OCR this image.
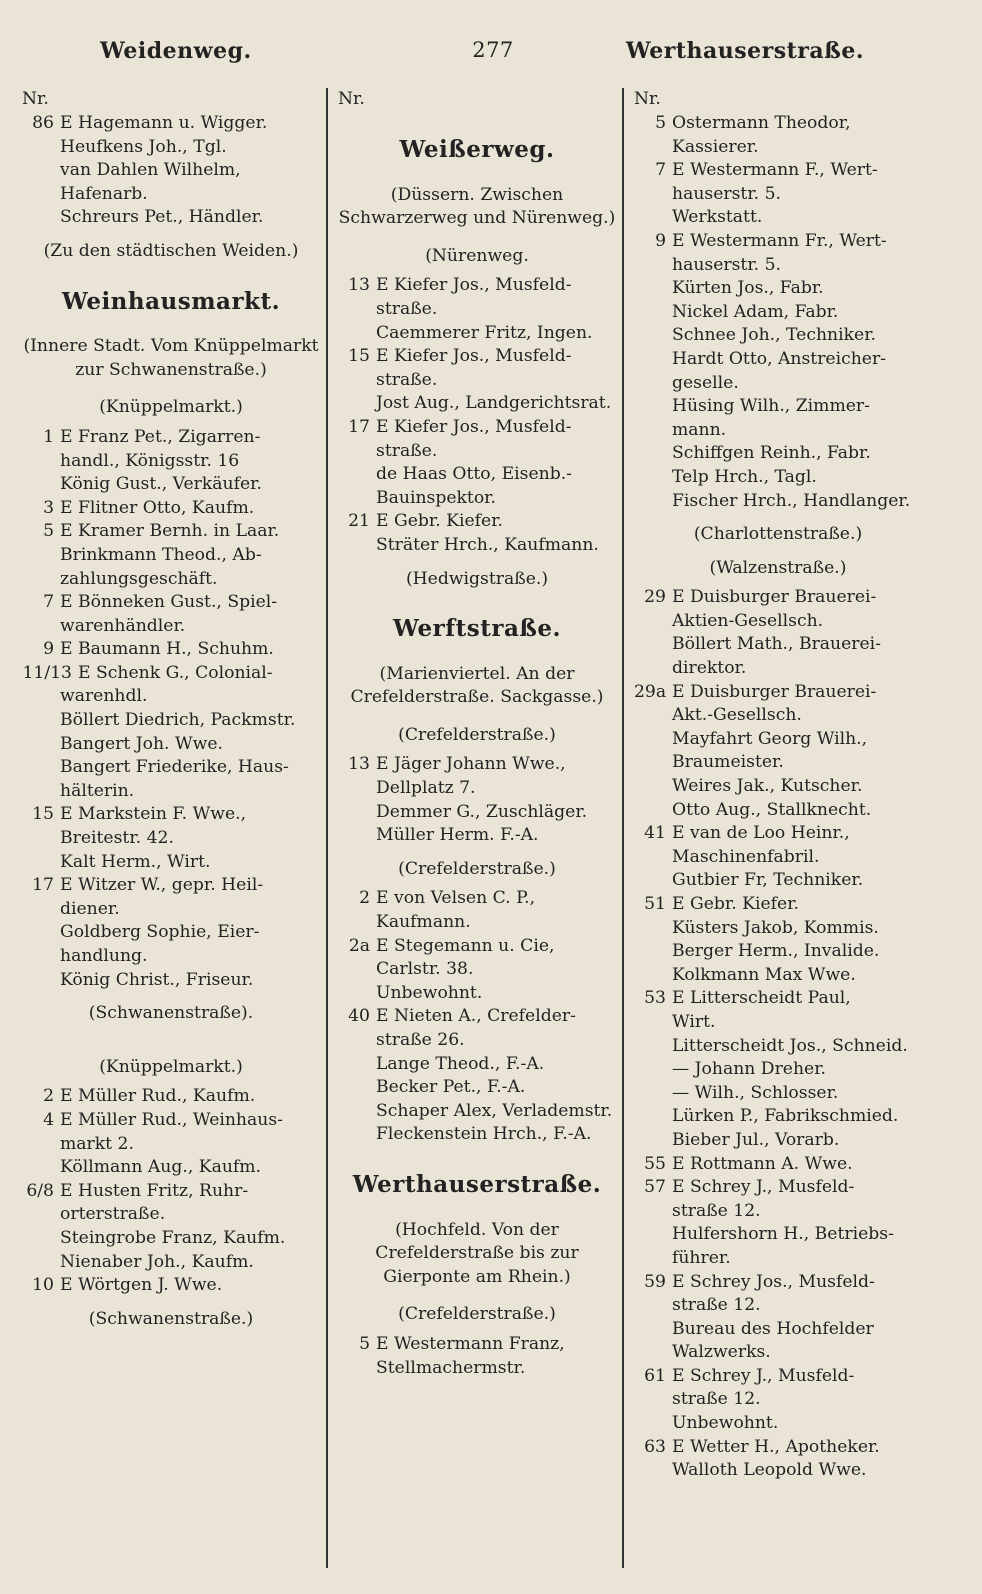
Weidenweg.	277	Werthauserstraße.
Nr.
86 E Hagemann u. Wigger.
Heufkens Joh., Tgl.
van Dahlen Wilhelm,
Hafenarb.
Schreurs Pet., Händler.
(Zu den städtischen Weiden.)
Weinhausmarkt.
(Innere Stadt. Vom Knüppelmarkt zur Schwanenstraße.)
(Knüppelmarkt.)
1 E Franz Pet., Zigarren-
handl., Königsstr. 16
König Gust., Verkäufer.
3 E Flitner Otto, Kaufm.
5 E Kramer Bernh. in Laar.
Brinkmann Theod., Ab-
zahlungsgeschäft.
7 E Bönneken Gust., Spiel-
warenhändler.
9 E Baumann H., Schuhm.
11/13 E Schenk G., Colonial-
warenhdl.
Böllert Diedrich, Packmstr.
Bangert Joh. Wwe.
Bangert Friederike, Haus-
hälterin.
15 E Markstein F. Wwe.,
Breitestr. 42.
Kalt Herm., Wirt.
17 E Witzer W., gepr. Heil-
diener.
Goldberg Sophie, Eier-
handlung.
König Christ., Friseur.
(Schwanenstraße).
(Knüppelmarkt.)
2 E Müller Rud., Kaufm.
4 E Müller Rud., Weinhaus-
markt 2.
Köllmann Aug., Kaufm.
6/8 E Husten Fritz, Ruhr-
orterstraße.
Steingrobe Franz, Kaufm.
Nienaber Joh., Kaufm.
10 E Wörtgen J. Wwe.
(Schwanenstraße.)
Nr.
Weißerweg.
(Düssern. Zwischen Schwarzerweg und Nürenweg.)
(Nürenweg.
13 E Kiefer Jos., Musfeld-
straße.
Caemmerer Fritz, Ingen.
15 E Kiefer Jos., Musfeld-
straße.
Jost Aug., Landgerichtsrat.
17 E Kiefer Jos., Musfeld-
straße.
de Haas Otto, Eisenb.-
Bauinspektor.
21 E Gebr. Kiefer.
Sträter Hrch., Kaufmann.
(Hedwigstraße.)
Werftstraße.
(Marienviertel. An der Crefelderstraße. Sackgasse.)
(Crefelderstraße.)
13 E Jäger Johann Wwe.,
Dellplatz 7.
Demmer G., Zuschläger.
Müller Herm. F.-A.
(Crefelderstraße.)
2 E von Velsen C. P.,
Kaufmann.
2a E Stegemann u. Cie,
Carlstr. 38.
Unbewohnt.
40 E Nieten A., Crefelder-
straße 26.
Lange Theod., F.-A.
Becker Pet., F.-A.
Schaper Alex, Verlademstr.
Fleckenstein Hrch., F.-A.
Werthauserstraße.
(Hochfeld. Von der Crefelderstraße bis zur Gierponte am Rhein.)
(Crefelderstraße.)
5 E Westermann Franz,
Stellmachermstr.
Nr.
5 Ostermann Theodor,
Kassierer.
7 E Westermann F., Wert-
hauserstr. 5.
Werkstatt.
9 E Westermann Fr., Wert-
hauserstr. 5.
Kürten Jos., Fabr.
Nickel Adam, Fabr.
Schnee Joh., Techniker.
Hardt Otto, Anstreicher-
geselle.
Hüsing Wilh., Zimmer-
mann.
Schiffgen Reinh., Fabr.
Telp Hrch., Tagl.
Fischer Hrch., Handlanger.
(Charlottenstraße.)
(Walzenstraße.)
29 E Duisburger Brauerei-
Aktien-Gesellsch.
Böllert Math., Brauerei-
direktor.
29a E Duisburger Brauerei-
Akt.-Gesellsch.
Mayfahrt Georg Wilh.,
Braumeister.
Weires Jak., Kutscher.
Otto Aug., Stallknecht.
41 E van de Loo Heinr.,
Maschinenfabril.
Gutbier Fr, Techniker.
51 E Gebr. Kiefer.
Küsters Jakob, Kommis.
Berger Herm., Invalide.
Kolkmann Max Wwe.
53 E Litterscheidt Paul,
Wirt.
Litterscheidt Jos., Schneid.
— Johann Dreher.
— Wilh., Schlosser.
Lürken P., Fabrikschmied.
Bieber Jul., Vorarb.
55 E Rottmann A. Wwe.
57 E Schrey J., Musfeld-
straße 12.
Hulfershorn H., Betriebs-
führer.
59 E Schrey Jos., Musfeld-
straße 12.
Bureau des Hochfelder
Walzwerks.
61 E Schrey J., Musfeld-
straße 12.
Unbewohnt.
63 E Wetter H., Apotheker.
Walloth Leopold Wwe.
